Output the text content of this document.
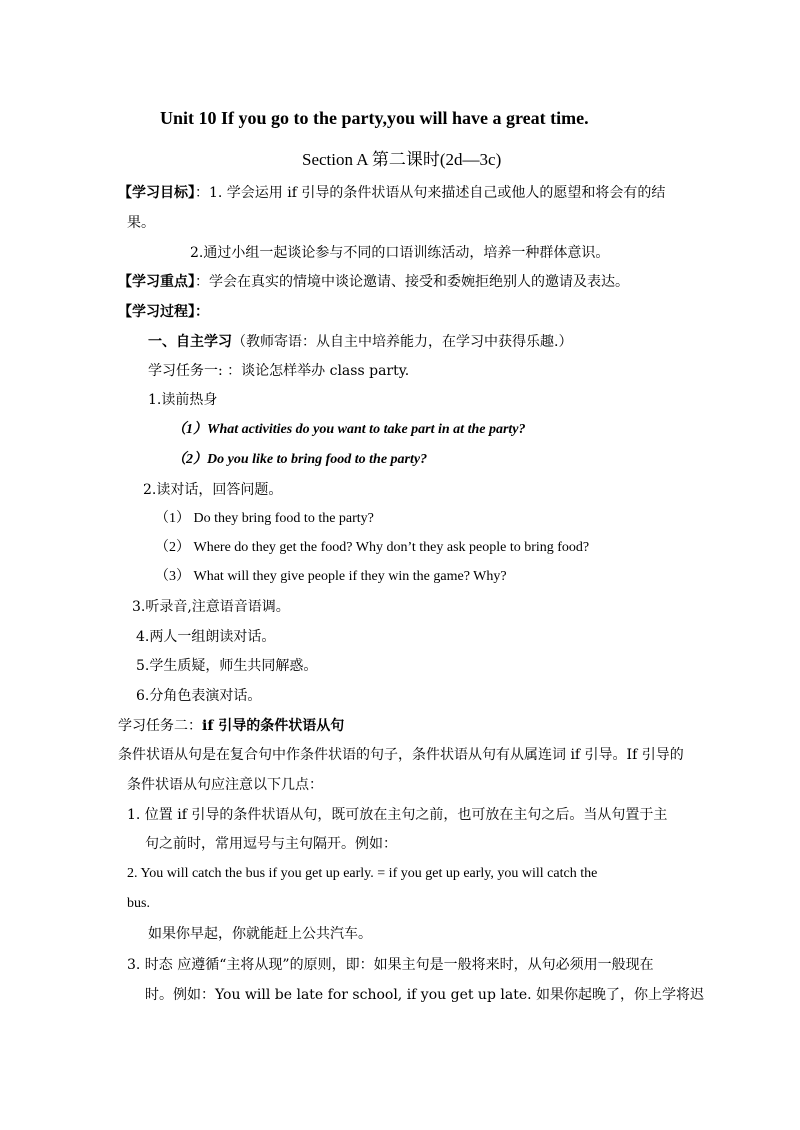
Unit 10 If you go to the party,you will have a great time.
Section A 第二课时(2d—3c)
【学习目标】：1. 学会运用 if 引导的条件状语从句来描述自己或他人的愿望和将会有的结
果。
2.通过小组一起谈论参与不同的口语训练活动，培养一种群体意识。
【学习重点】：学会在真实的情境中谈论邀请、接受和委婉拒绝别人的邀请及表达。
【学习过程】：
一、自主学习（教师寄语：从自主中培养能力，在学习中获得乐趣.）
学习任务一: ：谈论怎样举办 class party.
1.读前热身
（1）What activities do you want to take part in at the party?
（2）Do you like to bring food to the party?
2.读对话，回答问题。
（1） Do they bring food to the party?
（2） Where do they get the food? Why don’t they ask people to bring food?
（3） What will they give people if they win the game? Why?
3.听录音,注意语音语调。
4.两人一组朗读对话。
5.学生质疑，师生共同解惑。
6.分角色表演对话。
学习任务二：if 引导的条件状语从句
条件状语从句是在复合句中作条件状语的句子，条件状语从句有从属连词 if 引导。If 引导的
条件状语从句应注意以下几点：
1. 位置 if 引导的条件状语从句，既可放在主句之前，也可放在主句之后。当从句置于主
句之前时，常用逗号与主句隔开。例如：
2. You will catch the bus if you get up early. = if you get up early, you will catch the
bus.
如果你早起，你就能赶上公共汽车。
3. 时态 应遵循“主将从现”的原则，即：如果主句是一般将来时，从句必须用一般现在
时。例如：You will be late for school, if you get up late. 如果你起晚了，你上学将迟
